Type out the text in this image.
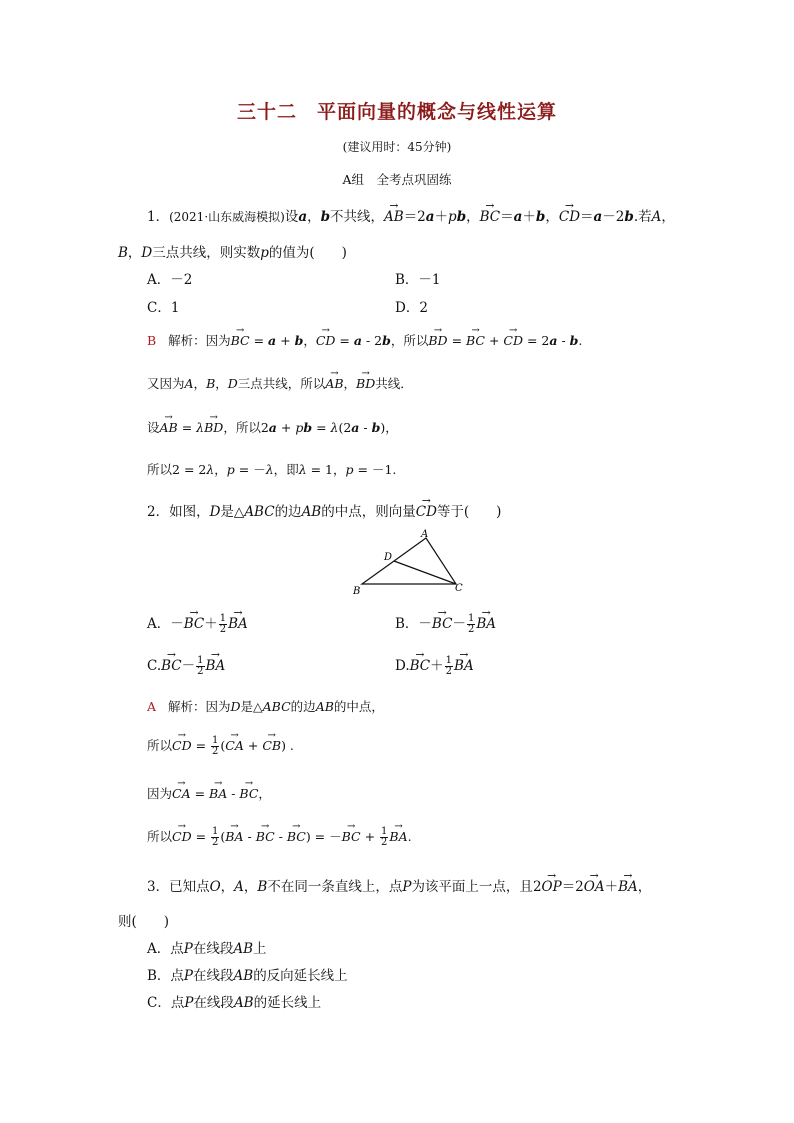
三十二　平面向量的概念与线性运算
(建议用时：45分钟)
A组　全考点巩固练
1．(2021·山东威海模拟)设a，b不共线，→ AB＝2a＋pb，→ BC＝a＋b，→ CD＝a－2b.若A，
B，D三点共线，则实数p的值为(　　)
A．－2	B．－1
C．1	D．2
B 解析：因为→ BC = a + b，→ CD = a - 2b，所以→ BD = → BC + → CD = 2a - b.
又因为A，B，D三点共线，所以→ AB，→ BD共线．
设→ AB = λ→ BD，所以2a + pb = λ(2a - b)，
所以2 = 2λ，p = －λ，即λ = 1，p = －1.
2．如图，D是△ABC的边AB的中点，则向量→ CD等于(　　)
A
B	C
D
A．－→ $BC+ \frac{1}{2}$ → BA	B．－→ $BC- \frac{1}{2}$ → BA
$C.\to BC- \frac{1}{2}$ → BA	$D.\to BC+ \frac{1}{2}$ → BA
A 解析：因为D是△ABC的边AB的中点，
所以→ CD = $\frac{1}{2}$ (→ CA + → CB) .
因为→ CA = → BA - → BC，
所以→ CD = $\frac{1}{2}$ (→ BA - → BC - → BC) = －→ BC + $\frac{1}{2}$ → BA.
3．已知点O，A，B不在同一条直线上，点P为该平面上一点，且2→ OP＝2→ OA＋→ BA，
则(　　)
A．点P在线段AB上
B．点P在线段AB的反向延长线上
C．点P在线段AB的延长线上
